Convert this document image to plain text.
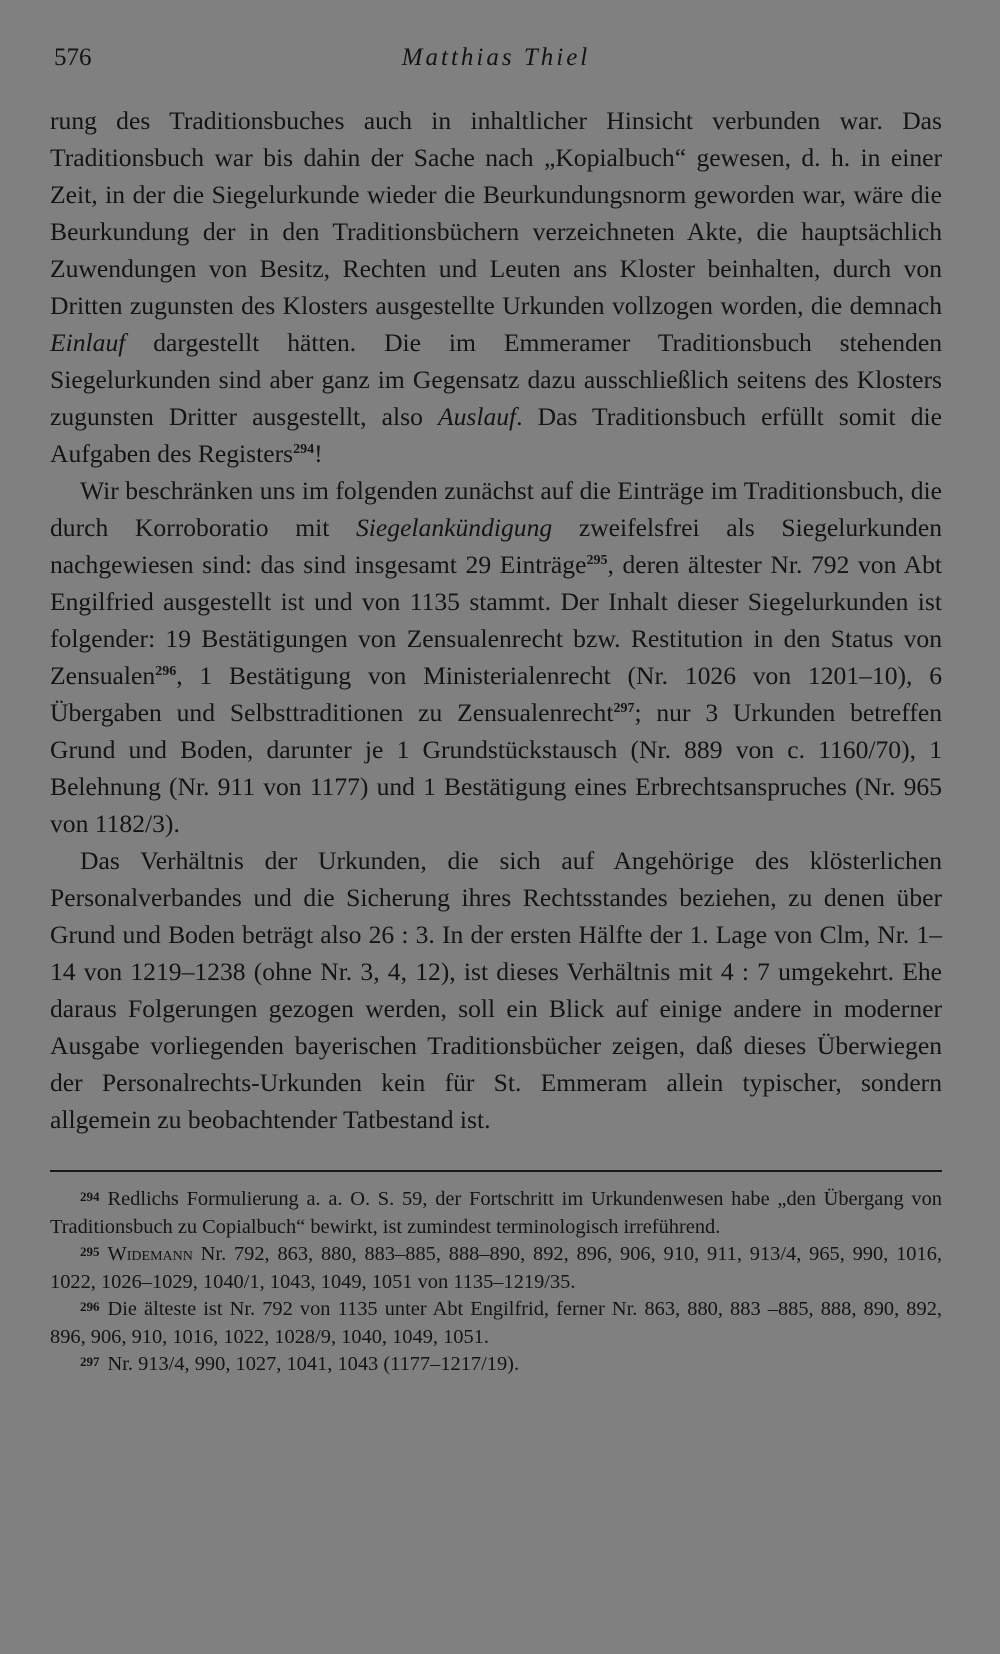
576	Matthias Thiel

rung des Traditionsbuches auch in inhaltlicher Hinsicht verbunden war. Das Traditionsbuch war bis dahin der Sache nach „Kopialbuch“ gewesen, d. h. in einer Zeit, in der die Siegelurkunde wieder die Beurkundungsnorm geworden war, wäre die Beurkundung der in den Traditionsbüchern verzeichneten Akte, die hauptsächlich Zuwendungen von Besitz, Rechten und Leuten ans Kloster beinhalten, durch von Dritten zugunsten des Klosters ausgestellte Urkunden vollzogen worden, die demnach Einlauf dargestellt hätten. Die im Emmeramer Traditionsbuch stehenden Siegelurkunden sind aber ganz im Gegensatz dazu ausschließlich seitens des Klosters zugunsten Dritter ausgestellt, also Auslauf. Das Traditionsbuch erfüllt somit die Aufgaben des Registers$^{294}$!

Wir beschränken uns im folgenden zunächst auf die Einträge im Traditionsbuch, die durch Korroboratio mit Siegelankündigung zweifelsfrei als Siegelurkunden nachgewiesen sind: das sind insgesamt 29 Einträge$^{295}$, deren ältester Nr. 792 von Abt Engilfried ausgestellt ist und von 1135 stammt. Der Inhalt dieser Siegelurkunden ist folgender: 19 Bestätigungen von Zensualenrecht bzw. Restitution in den Status von Zensualen$^{296}$, 1 Bestätigung von Ministerialenrecht (Nr. 1026 von 1201–10), 6 Übergaben und Selbsttraditionen zu Zensualenrecht$^{297}$; nur 3 Urkunden betreffen Grund und Boden, darunter je 1 Grundstückstausch (Nr. 889 von c. 1160/70), 1 Belehnung (Nr. 911 von 1177) und 1 Bestätigung eines Erbrechtsanspruches (Nr. 965 von 1182/3).

Das Verhältnis der Urkunden, die sich auf Angehörige des klösterlichen Personalverbandes und die Sicherung ihres Rechtsstandes beziehen, zu denen über Grund und Boden beträgt also 26 : 3. In der ersten Hälfte der 1. Lage von Clm, Nr. 1–14 von 1219–1238 (ohne Nr. 3, 4, 12), ist dieses Verhältnis mit 4 : 7 umgekehrt. Ehe daraus Folgerungen gezogen werden, soll ein Blick auf einige andere in moderner Ausgabe vorliegenden bayerischen Traditionsbücher zeigen, daß dieses Überwiegen der Personalrechts-Urkunden kein für St. Emmeram allein typischer, sondern allgemein zu beobachtender Tatbestand ist.

294 Redlichs Formulierung a. a. O. S. 59, der Fortschritt im Urkundenwesen habe „den Übergang von Traditionsbuch zu Copialbuch“ bewirkt, ist zumindest terminologisch irreführend.

295 Widemann Nr. 792, 863, 880, 883–885, 888–890, 892, 896, 906, 910, 911, 913/4, 965, 990, 1016, 1022, 1026–1029, 1040/1, 1043, 1049, 1051 von 1135–1219/35.

296 Die älteste ist Nr. 792 von 1135 unter Abt Engilfrid, ferner Nr. 863, 880, 883 –885, 888, 890, 892, 896, 906, 910, 1016, 1022, 1028/9, 1040, 1049, 1051.

297 Nr. 913/4, 990, 1027, 1041, 1043 (1177–1217/19).
